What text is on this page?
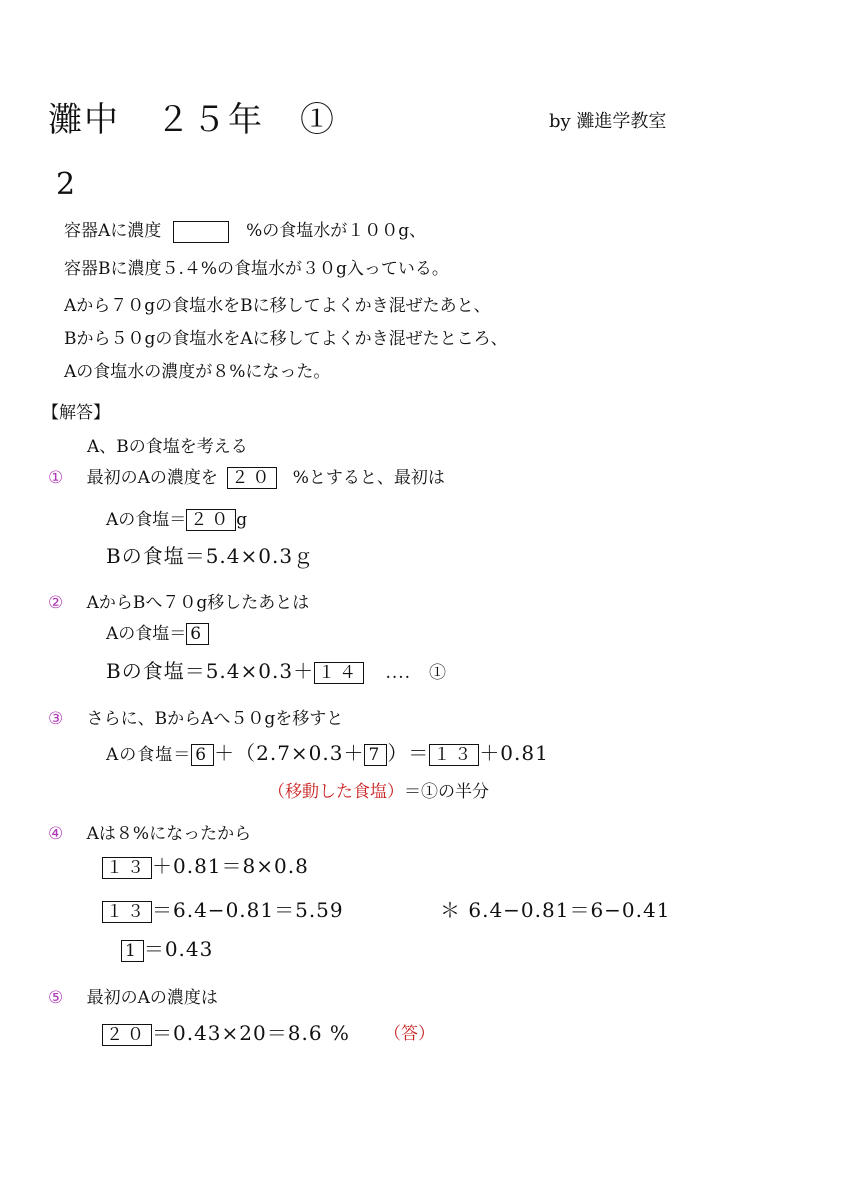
灘中　２５年　①	by 灘進学教室
2
容器Aに濃度	%の食塩水が１００g、
容器Bに濃度５.４%の食塩水が３０g入っている。
Aから７０gの食塩水をBに移してよくかき混ぜたあと、
Bから５０gの食塩水をAに移してよくかき混ぜたところ、
Aの食塩水の濃度が８%になった。
【解答】
A、Bの食塩を考える
① 最初のAの濃度を ２０ %とすると、最初は
Aの食塩＝ ２０ g
Bの食塩＝5.4×0.3ｇ
② AからBへ７０g移したあとは
Aの食塩＝ 6
Bの食塩＝5.4×0.3＋ １４ ....　①
③ さらに、BからAへ５０gを移すと
Aの食塩＝ 6 ＋（2.7×0.3＋ 7 ）＝ １３ ＋0.81
（移動した食塩）＝①の半分
④ Aは８%になったから
１３ ＋0.81＝8×0.8
１３ ＝6.4−0.81＝5.59	＊ 6.4−0.81＝6−0.41
1 ＝0.43
⑤ 最初のAの濃度は
２０ ＝0.43×20＝8.6 % （答）
